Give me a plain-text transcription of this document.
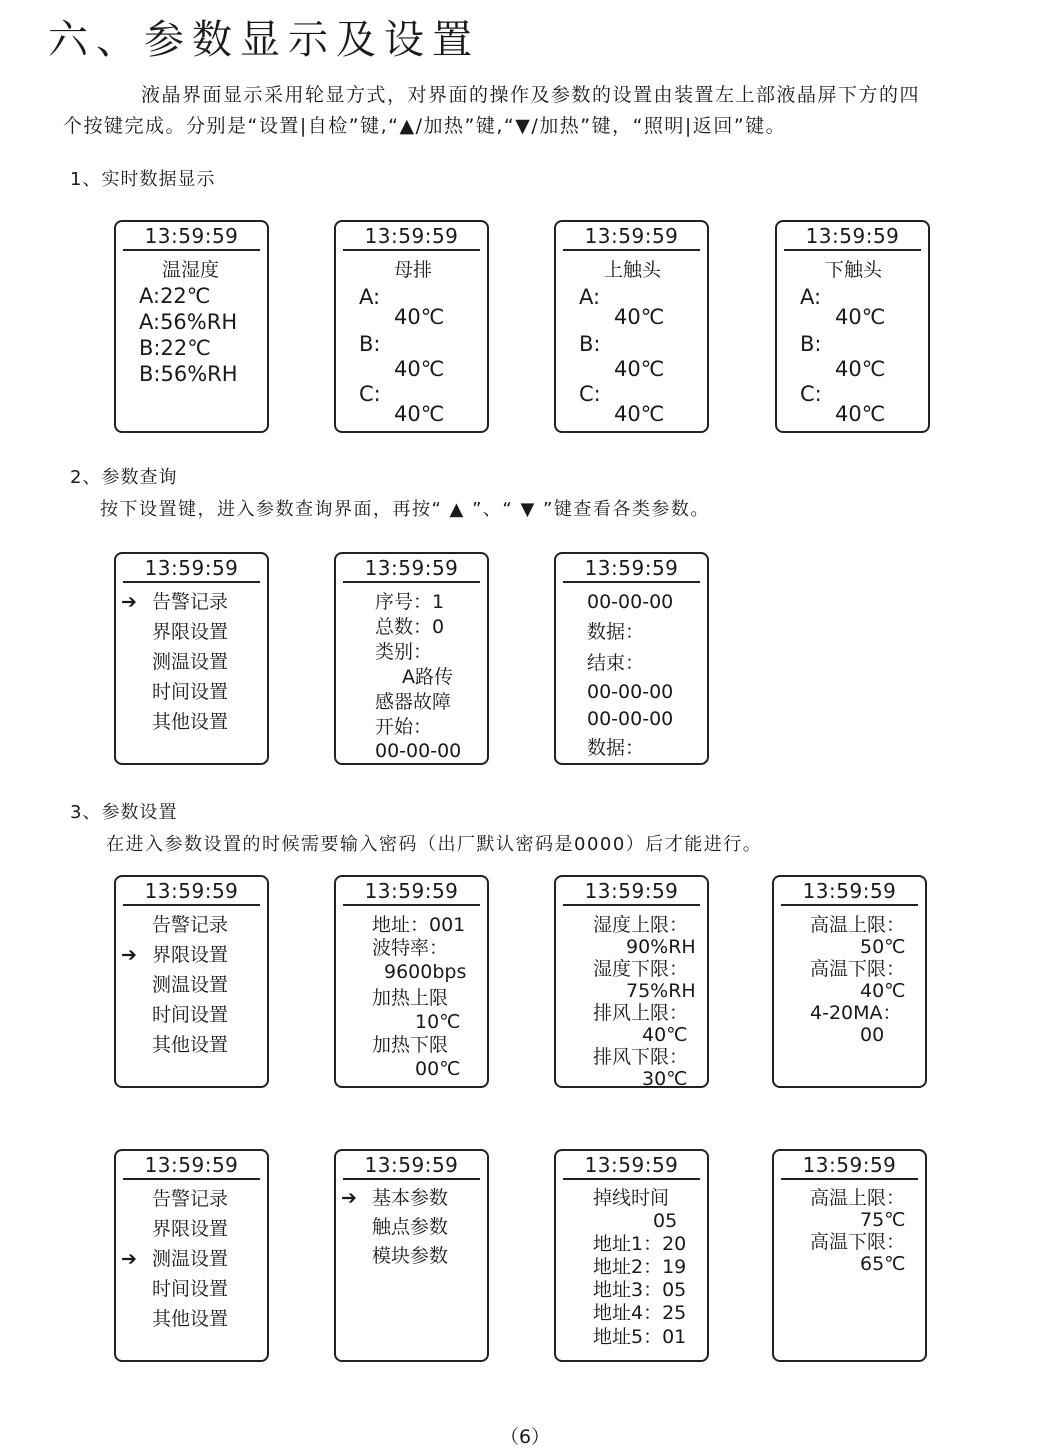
六、参数显示及设置
液晶界面显示采用轮显方式，对界面的操作及参数的设置由装置左上部液晶屏下方的四
个按键完成。分别是“设置|自检”键,“▲/加热”键,“▼/加热”键，“照明|返回”键。
1、实时数据显示
13:59:59
温湿度
A:22℃
A:56%RH
B:22℃
B:56%RH
13:59:59
母排
A:
40℃
B:
40℃
C:
40℃
13:59:59
上触头
A:
40℃
B:
40℃
C:
40℃
13:59:59
下触头
A:
40℃
B:
40℃
C:
40℃
2、参数查询
按下设置键，进入参数查询界面，再按“ ▲ ”、“ ▼ ”键查看各类参数。
13:59:59
➔ 告警记录
界限设置
测温设置
时间设置
其他设置
13:59:59
序号：1
总数：0
类别：
A路传
感器故障
开始：
00-00-00
13:59:59
00-00-00
数据：
结束：
00-00-00
00-00-00
数据：
3、参数设置
在进入参数设置的时候需要输入密码（出厂默认密码是0000）后才能进行。
13:59:59
告警记录
➔ 界限设置
测温设置
时间设置
其他设置
13:59:59
地址：001
波特率：
9600bps
加热上限
10℃
加热下限
00℃
13:59:59
湿度上限：
90%RH
湿度下限：
75%RH
排风上限：
40℃
排风下限：
30℃
13:59:59
高温上限：
50℃
高温下限：
40℃
4-20MA：
00
13:59:59
告警记录
界限设置
➔ 测温设置
时间设置
其他设置
13:59:59
➔ 基本参数
触点参数
模块参数
13:59:59
掉线时间
05
地址1：20
地址2：19
地址3：05
地址4：25
地址5：01
13:59:59
高温上限：
75℃
高温下限：
65℃
（6）
